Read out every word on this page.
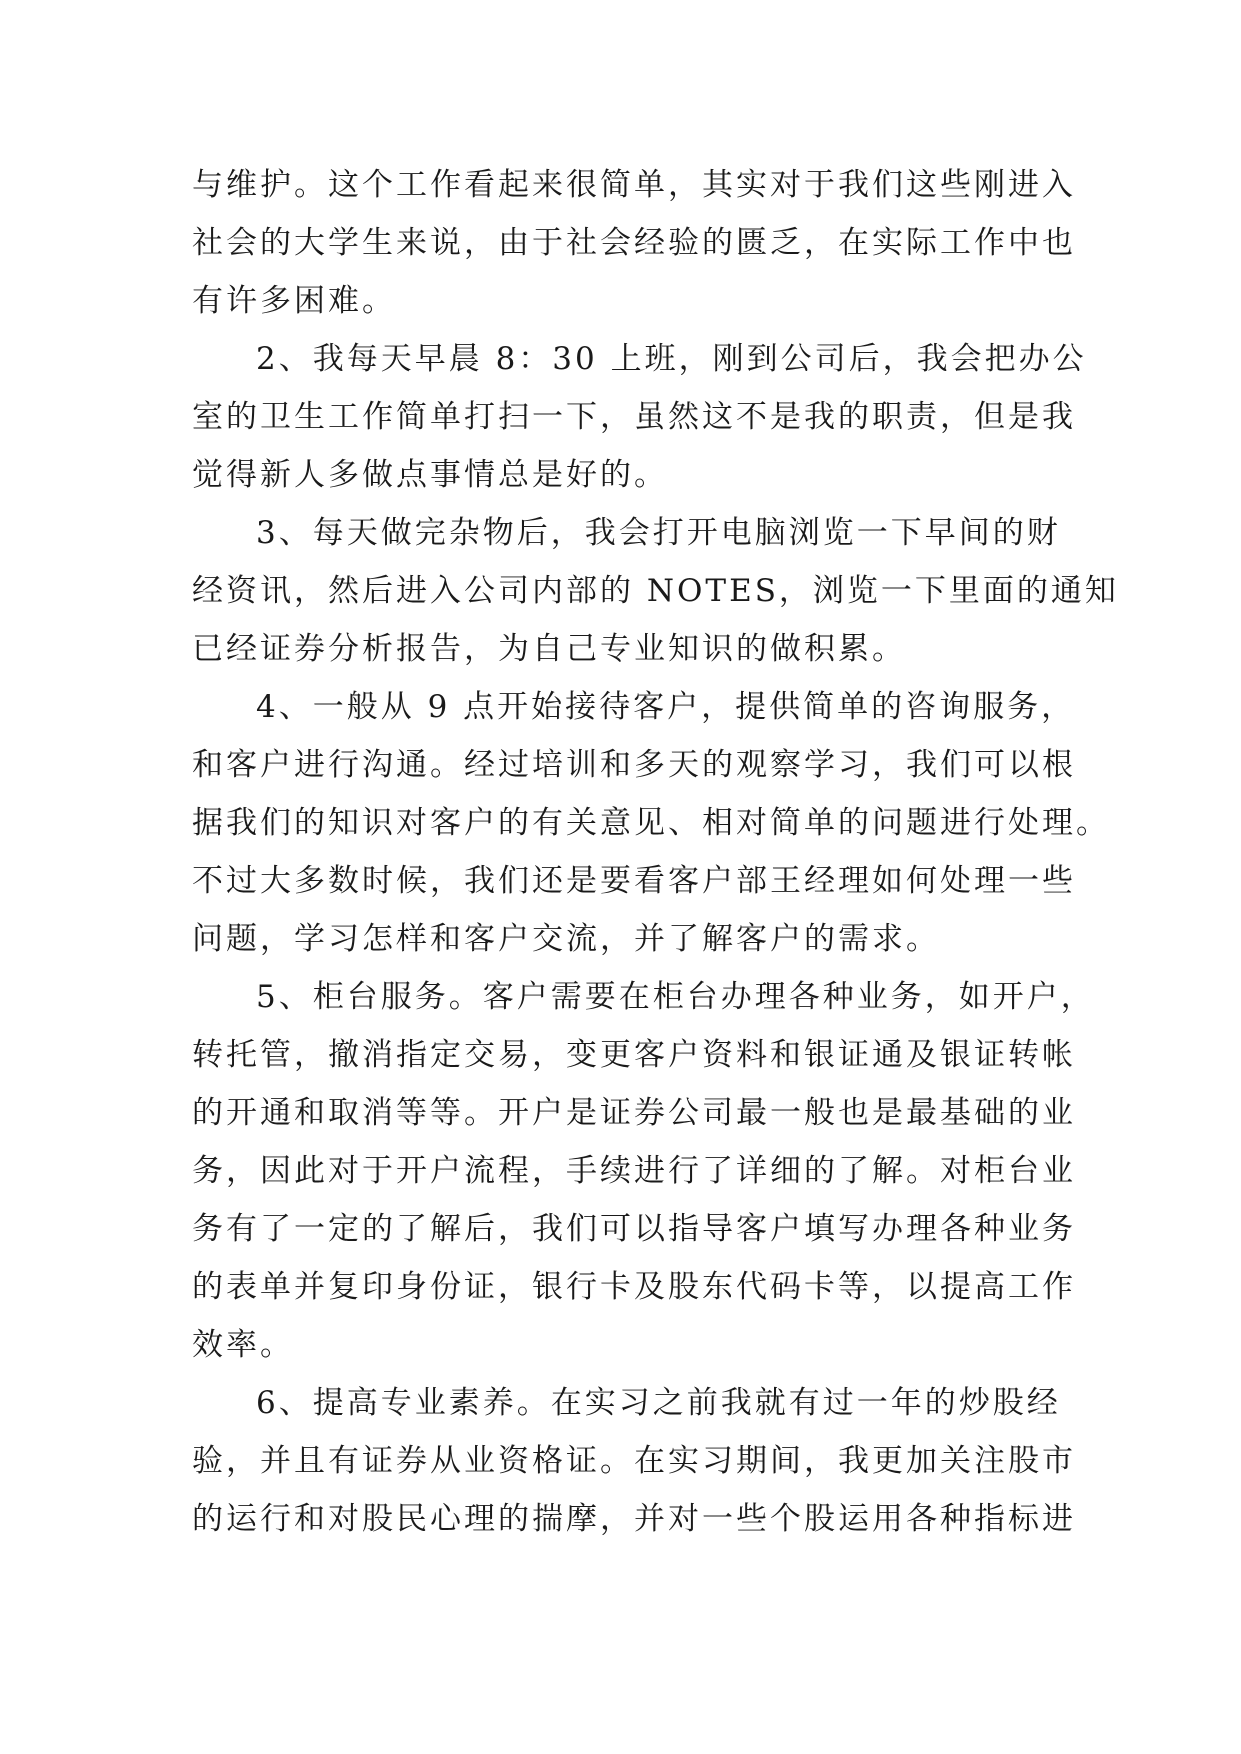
与维护。这个工作看起来很简单，其实对于我们这些刚进入
社会的大学生来说，由于社会经验的匮乏，在实际工作中也
有许多困难。
2、我每天早晨 8：30 上班，刚到公司后，我会把办公
室的卫生工作简单打扫一下，虽然这不是我的职责，但是我
觉得新人多做点事情总是好的。
3、每天做完杂物后，我会打开电脑浏览一下早间的财
经资讯，然后进入公司内部的 NOTES，浏览一下里面的通知
已经证券分析报告，为自己专业知识的做积累。
4、一般从 9 点开始接待客户，提供简单的咨询服务，
和客户进行沟通。经过培训和多天的观察学习，我们可以根
据我们的知识对客户的有关意见、相对简单的问题进行处理。
不过大多数时候，我们还是要看客户部王经理如何处理一些
问题，学习怎样和客户交流，并了解客户的需求。
5、柜台服务。客户需要在柜台办理各种业务，如开户，
转托管，撤消指定交易，变更客户资料和银证通及银证转帐
的开通和取消等等。开户是证券公司最一般也是最基础的业
务，因此对于开户流程，手续进行了详细的了解。对柜台业
务有了一定的了解后，我们可以指导客户填写办理各种业务
的表单并复印身份证，银行卡及股东代码卡等，以提高工作
效率。
6、提高专业素养。在实习之前我就有过一年的炒股经
验，并且有证券从业资格证。在实习期间，我更加关注股市
的运行和对股民心理的揣摩，并对一些个股运用各种指标进
